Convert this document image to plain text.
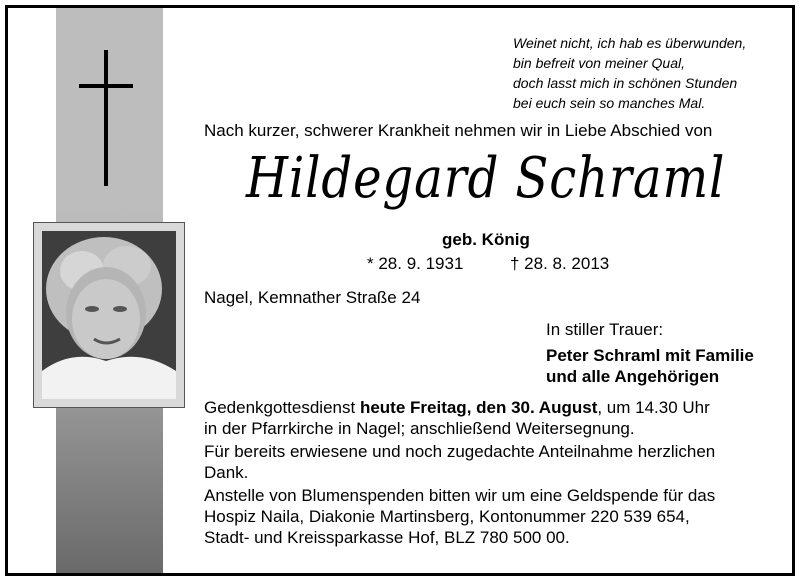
Weinet nicht, ich hab es überwunden,
bin befreit von meiner Qual,
doch lasst mich in schönen Stunden
bei euch sein so manches Mal.
Nach kurzer, schwerer Krankheit nehmen wir in Liebe Abschied von
Hildegard Schraml
geb. König
* 28. 9. 1931	† 28. 8. 2013
Nagel, Kemnather Straße 24
In stiller Trauer:
Peter Schraml mit Familie
und alle Angehörigen
Gedenkgottesdienst heute Freitag, den 30. August, um 14.30 Uhr
in der Pfarrkirche in Nagel; anschließend Weitersegnung.
Für bereits erwiesene und noch zugedachte Anteilnahme herzlichen
Dank.
Anstelle von Blumenspenden bitten wir um eine Geldspende für das
Hospiz Naila, Diakonie Martinsberg, Kontonummer 220 539 654,
Stadt- und Kreissparkasse Hof, BLZ 780 500 00.
